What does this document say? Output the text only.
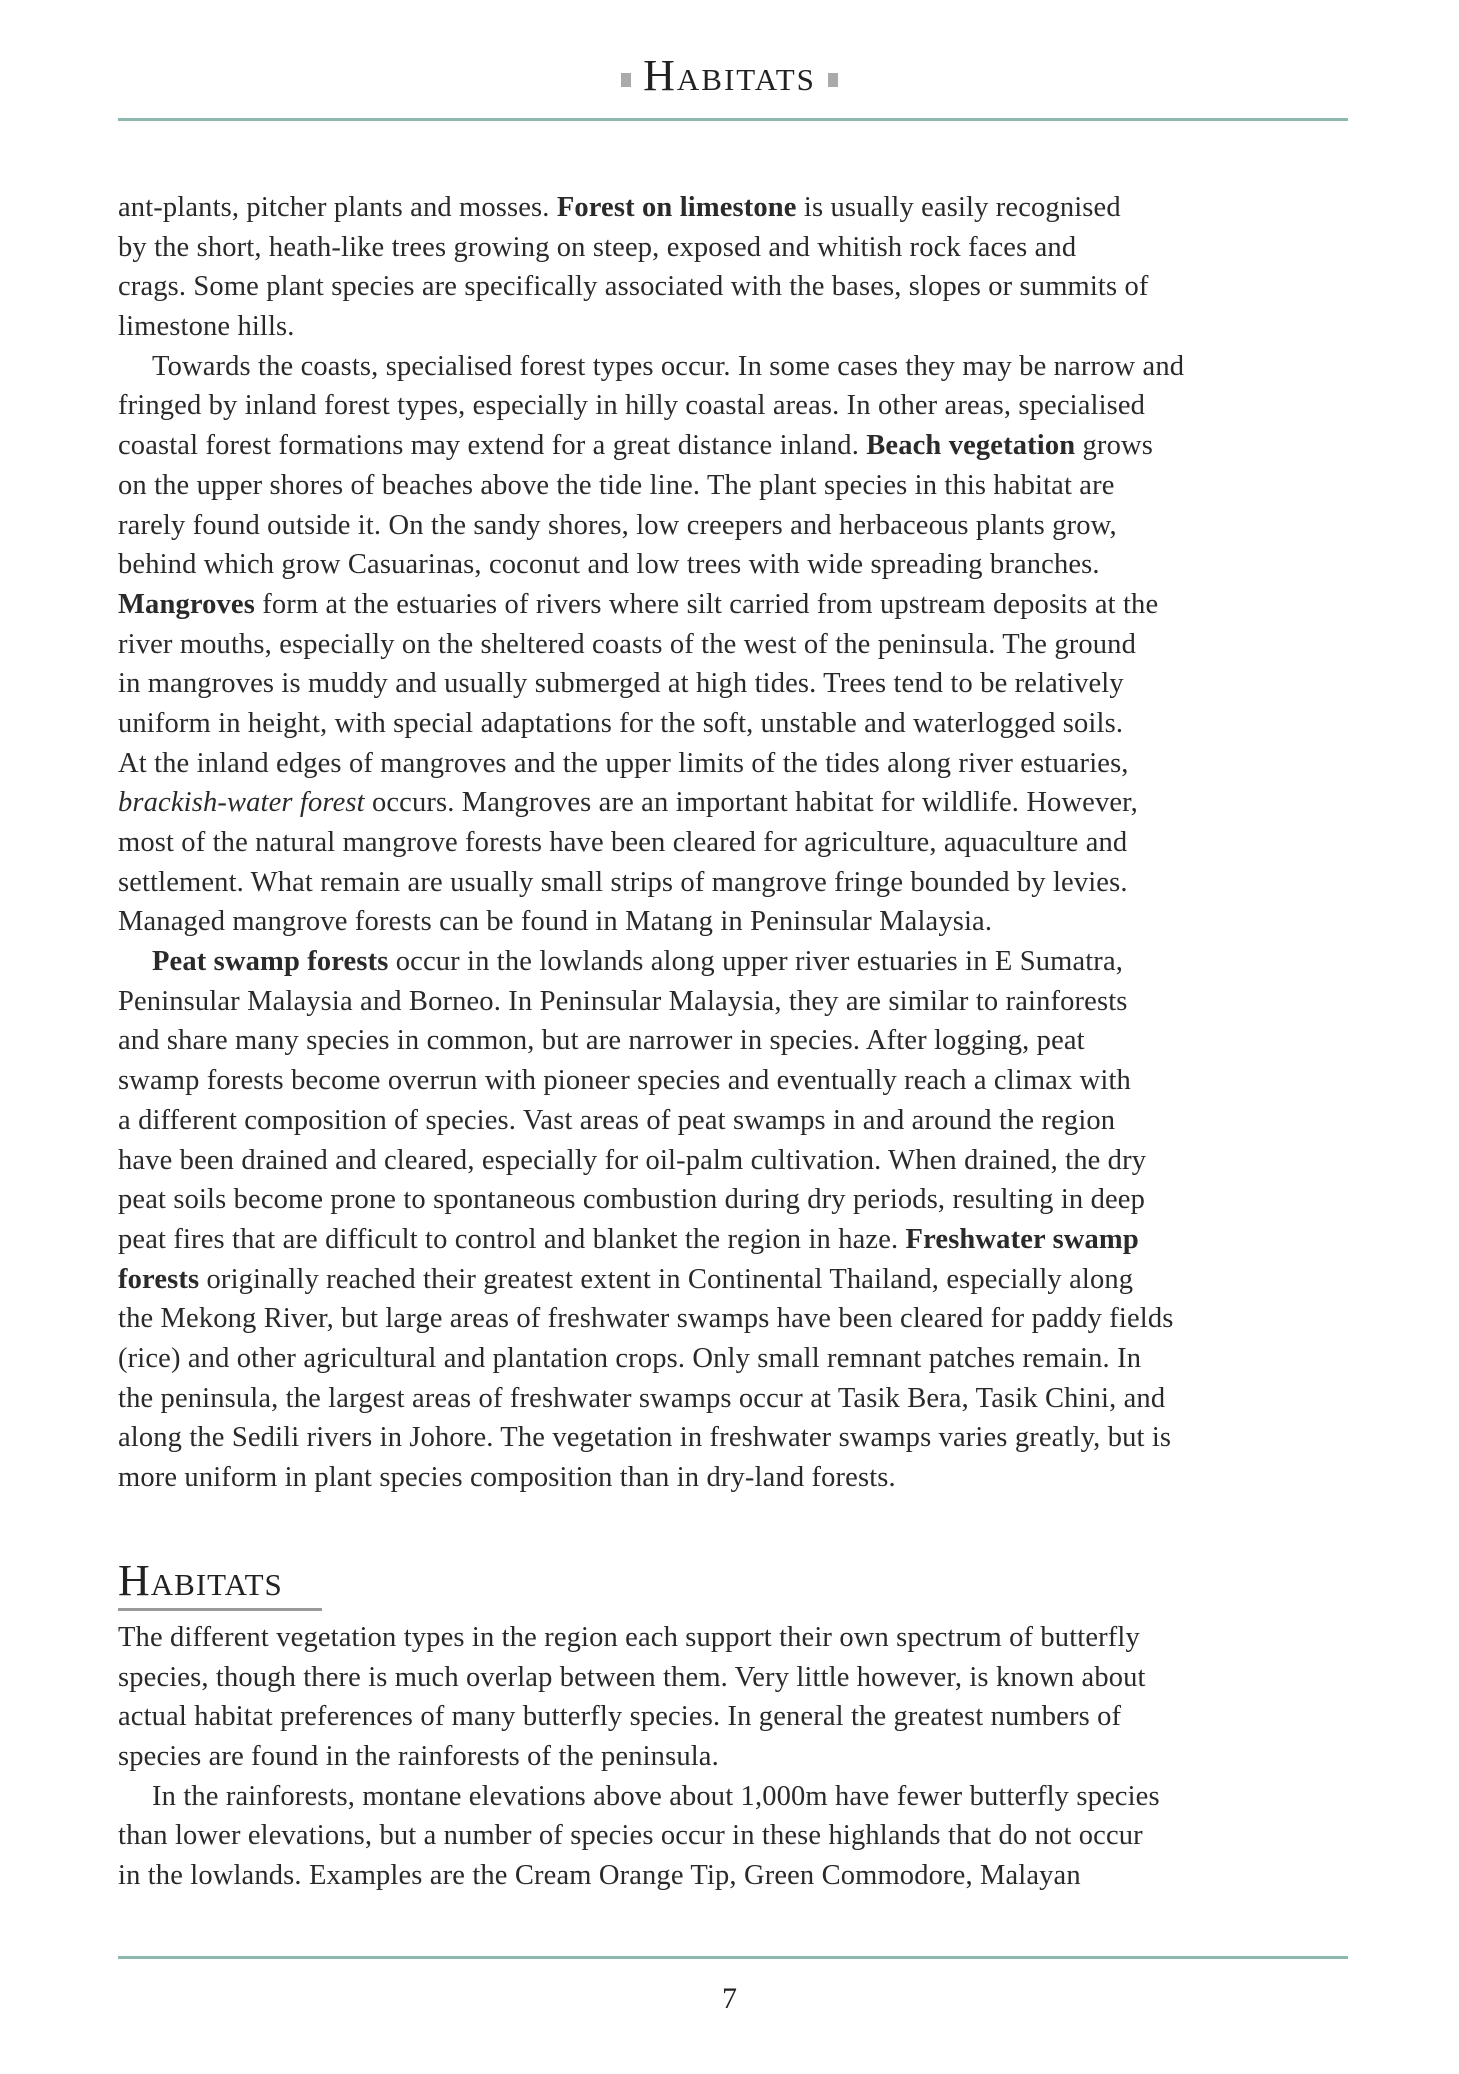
Habitats
ant-plants, pitcher plants and mosses. Forest on limestone is usually easily recognised
by the short, heath-like trees growing on steep, exposed and whitish rock faces and
crags. Some plant species are specifically associated with the bases, slopes or summits of
limestone hills.
Towards the coasts, specialised forest types occur. In some cases they may be narrow and
fringed by inland forest types, especially in hilly coastal areas. In other areas, specialised
coastal forest formations may extend for a great distance inland. Beach vegetation grows
on the upper shores of beaches above the tide line. The plant species in this habitat are
rarely found outside it. On the sandy shores, low creepers and herbaceous plants grow,
behind which grow Casuarinas, coconut and low trees with wide spreading branches.
Mangroves form at the estuaries of rivers where silt carried from upstream deposits at the
river mouths, especially on the sheltered coasts of the west of the peninsula. The ground
in mangroves is muddy and usually submerged at high tides. Trees tend to be relatively
uniform in height, with special adaptations for the soft, unstable and waterlogged soils.
At the inland edges of mangroves and the upper limits of the tides along river estuaries,
brackish-water forest occurs. Mangroves are an important habitat for wildlife. However,
most of the natural mangrove forests have been cleared for agriculture, aquaculture and
settlement. What remain are usually small strips of mangrove fringe bounded by levies.
Managed mangrove forests can be found in Matang in Peninsular Malaysia.
Peat swamp forests occur in the lowlands along upper river estuaries in E Sumatra,
Peninsular Malaysia and Borneo. In Peninsular Malaysia, they are similar to rainforests
and share many species in common, but are narrower in species. After logging, peat
swamp forests become overrun with pioneer species and eventually reach a climax with
a different composition of species. Vast areas of peat swamps in and around the region
have been drained and cleared, especially for oil-palm cultivation. When drained, the dry
peat soils become prone to spontaneous combustion during dry periods, resulting in deep
peat fires that are difficult to control and blanket the region in haze. Freshwater swamp
forests originally reached their greatest extent in Continental Thailand, especially along
the Mekong River, but large areas of freshwater swamps have been cleared for paddy fields
(rice) and other agricultural and plantation crops. Only small remnant patches remain. In
the peninsula, the largest areas of freshwater swamps occur at Tasik Bera, Tasik Chini, and
along the Sedili rivers in Johore. The vegetation in freshwater swamps varies greatly, but is
more uniform in plant species composition than in dry-land forests.
Habitats
The different vegetation types in the region each support their own spectrum of butterfly
species, though there is much overlap between them. Very little however, is known about
actual habitat preferences of many butterfly species. In general the greatest numbers of
species are found in the rainforests of the peninsula.
In the rainforests, montane elevations above about 1,000m have fewer butterfly species
than lower elevations, but a number of species occur in these highlands that do not occur
in the lowlands. Examples are the Cream Orange Tip, Green Commodore, Malayan
7
